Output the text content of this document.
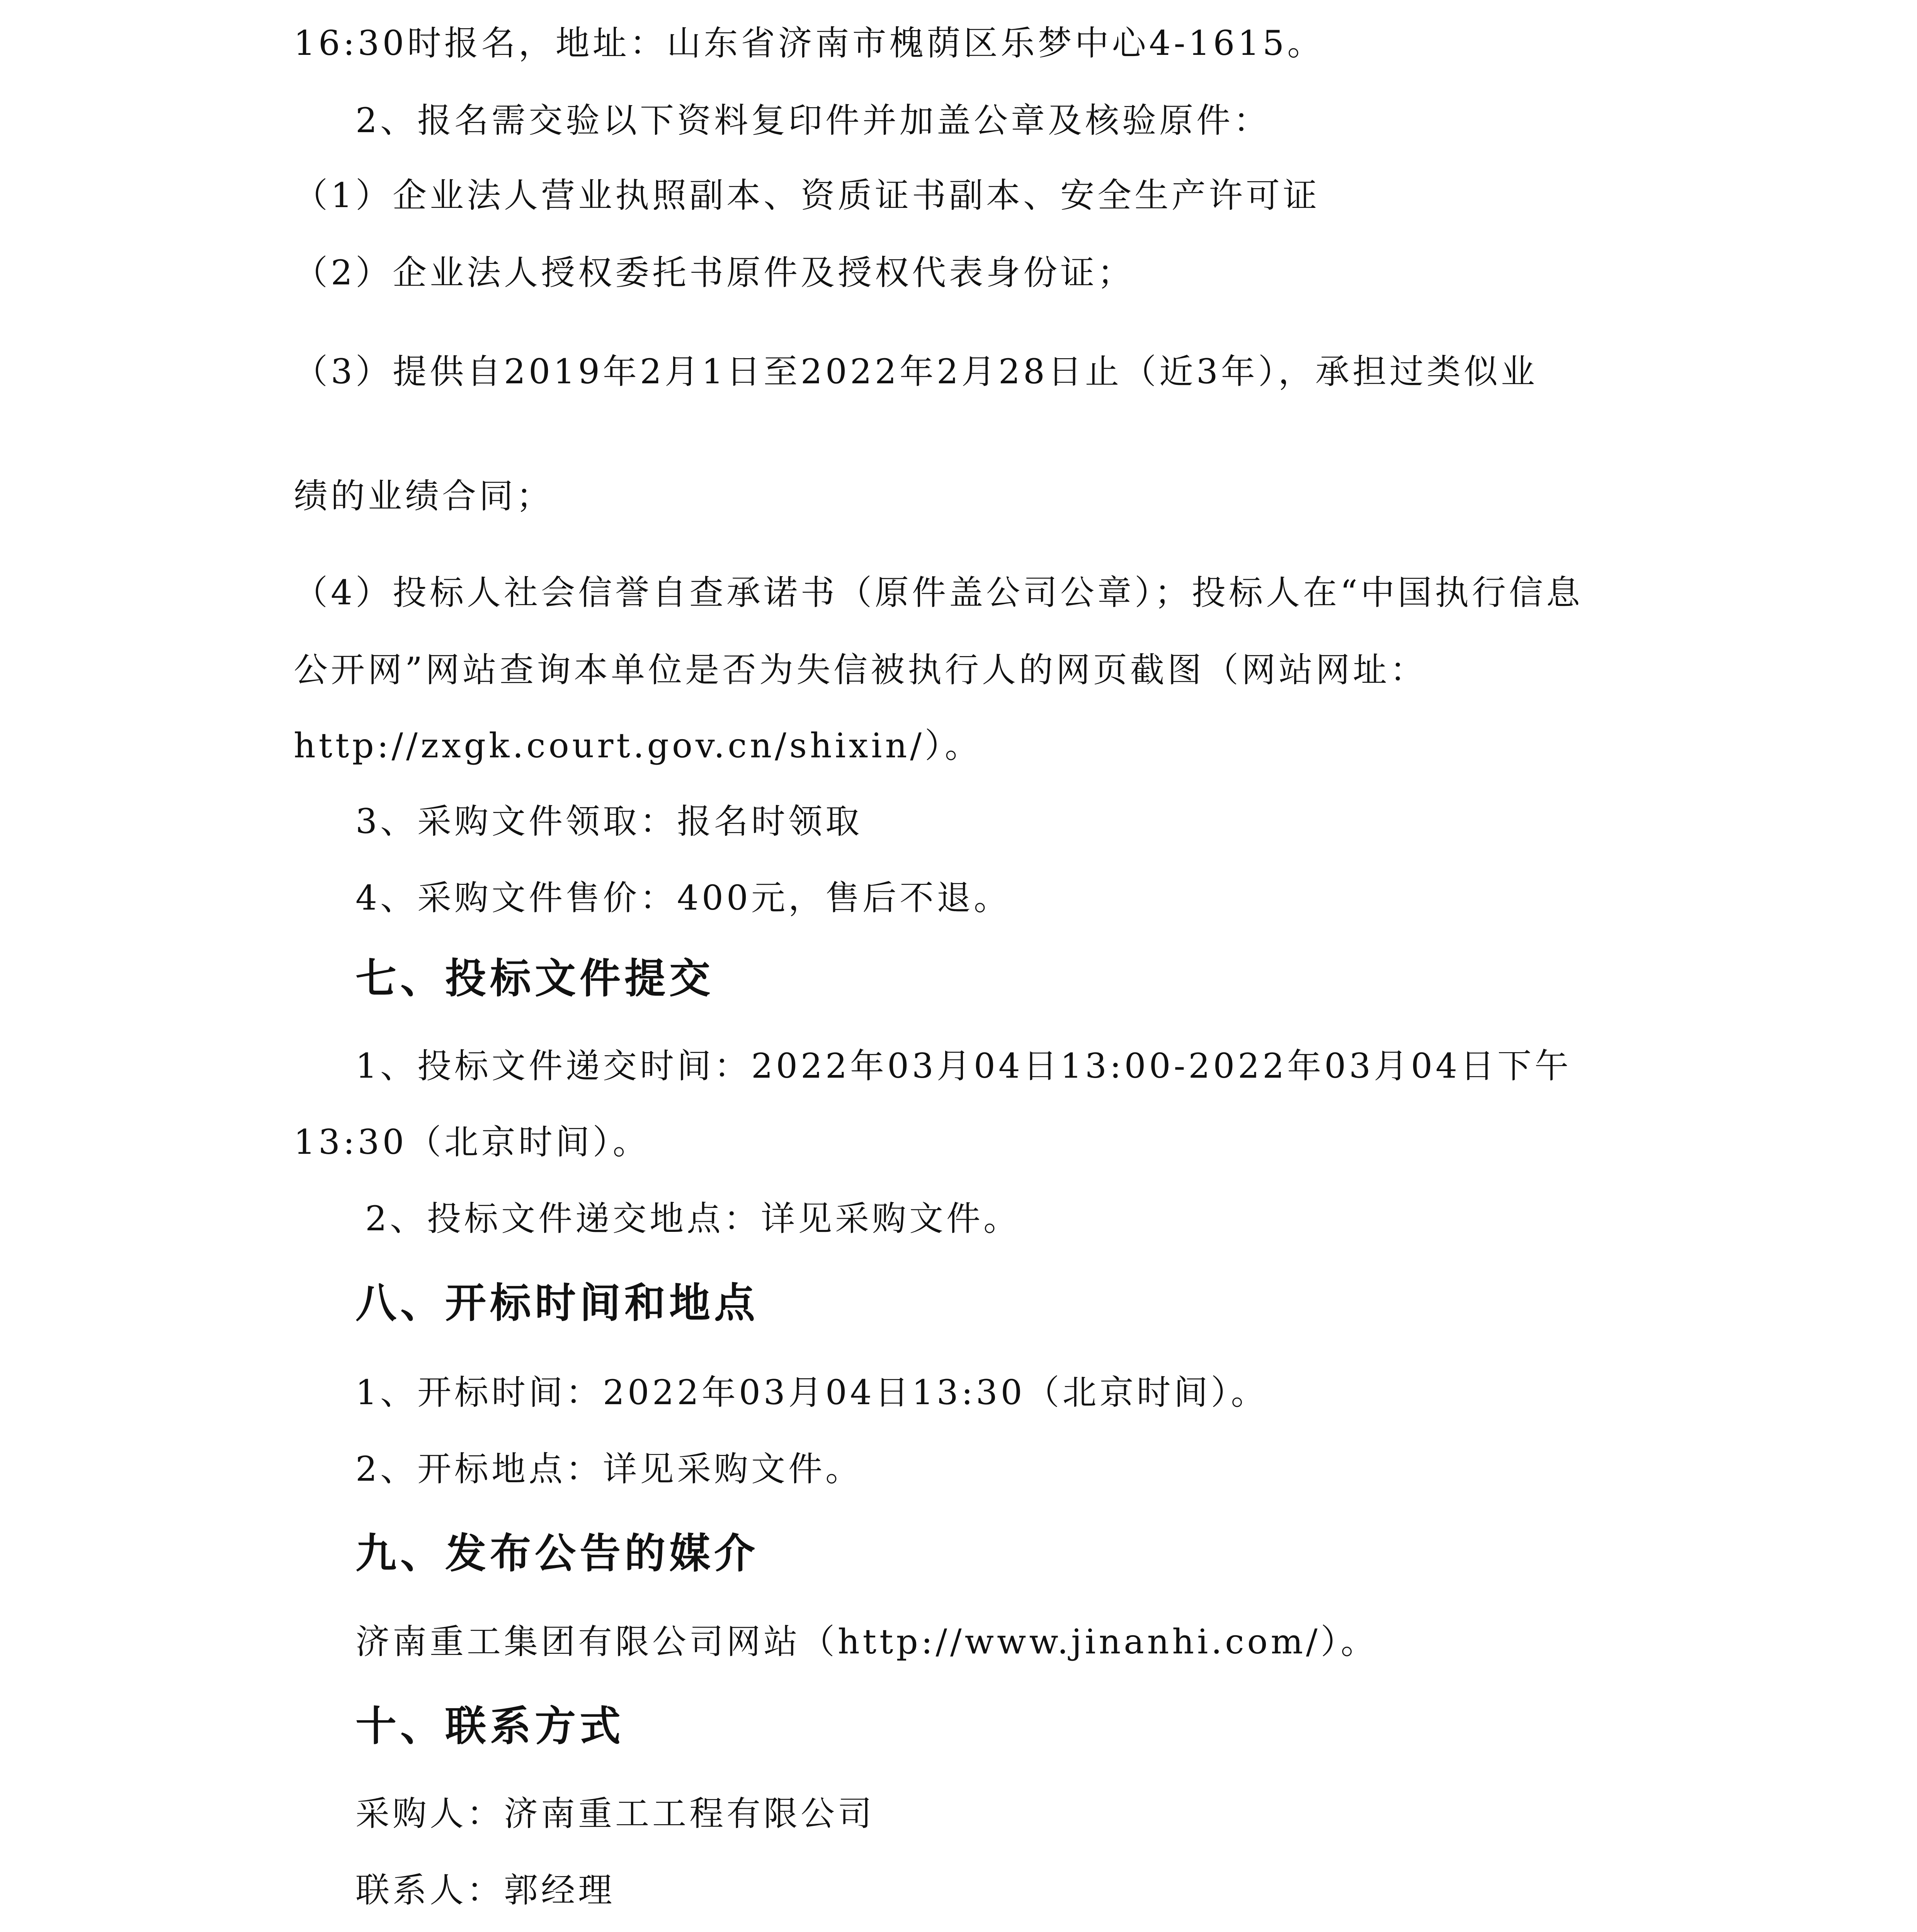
16:30时报名，地址：山东省济南市槐荫区乐梦中心4-1615。
2、报名需交验以下资料复印件并加盖公章及核验原件：
（1）企业法人营业执照副本、资质证书副本、安全生产许可证
（2）企业法人授权委托书原件及授权代表身份证；
（3）提供自2019年2月1日至2022年2月28日止（近3年），承担过类似业
绩的业绩合同；
（4）投标人社会信誉自查承诺书（原件盖公司公章）；投标人在“中国执行信息
公开网”网站查询本单位是否为失信被执行人的网页截图（网站网址：
http://zxgk.court.gov.cn/shixin/）。
3、采购文件领取：报名时领取
4、采购文件售价：400元，售后不退。
七、投标文件提交
1、投标文件递交时间：2022年03月04日13:00-2022年03月04日下午
13:30（北京时间）。
2、投标文件递交地点：详见采购文件。
八、开标时间和地点
1、开标时间：2022年03月04日13:30（北京时间）。
2、开标地点：详见采购文件。
九、发布公告的媒介
济南重工集团有限公司网站（http://www.jinanhi.com/）。
十、联系方式
采购人：济南重工工程有限公司
联系人：郭经理
